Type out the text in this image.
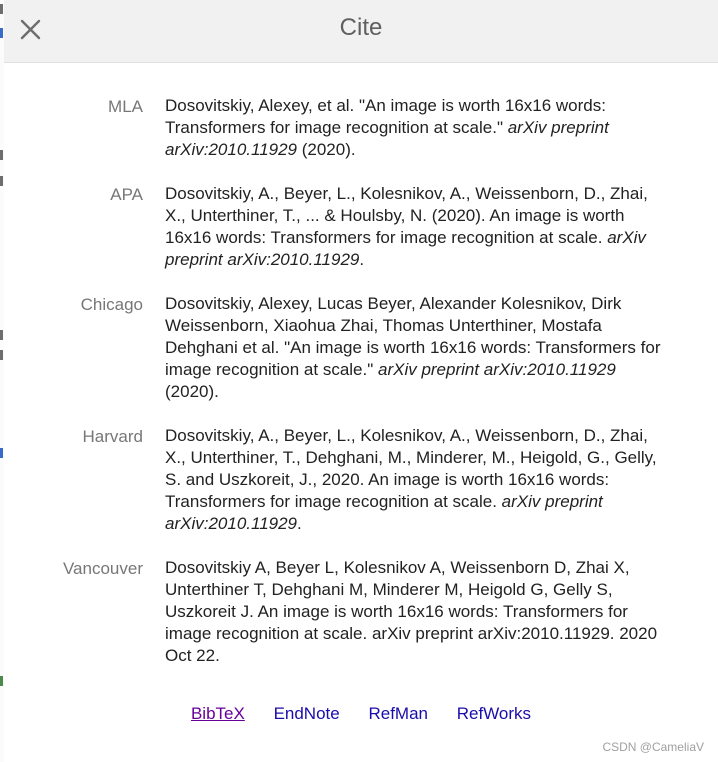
Cite
MLA Dosovitskiy, Alexey, et al. "An image is worth 16x16 words: Transformers for image recognition at scale." arXiv preprint arXiv:2010.11929 (2020).
APA Dosovitskiy, A., Beyer, L., Kolesnikov, A., Weissenborn, D., Zhai, X., Unterthiner, T., ... & Houlsby, N. (2020). An image is worth 16x16 words: Transformers for image recognition at scale. arXiv preprint arXiv:2010.11929.
Chicago Dosovitskiy, Alexey, Lucas Beyer, Alexander Kolesnikov, Dirk Weissenborn, Xiaohua Zhai, Thomas Unterthiner, Mostafa Dehghani et al. "An image is worth 16x16 words: Transformers for image recognition at scale." arXiv preprint arXiv:2010.11929 (2020).
Harvard Dosovitskiy, A., Beyer, L., Kolesnikov, A., Weissenborn, D., Zhai, X., Unterthiner, T., Dehghani, M., Minderer, M., Heigold, G., Gelly, S. and Uszkoreit, J., 2020. An image is worth 16x16 words: Transformers for image recognition at scale. arXiv preprint arXiv:2010.11929.
Vancouver Dosovitskiy A, Beyer L, Kolesnikov A, Weissenborn D, Zhai X, Unterthiner T, Dehghani M, Minderer M, Heigold G, Gelly S, Uszkoreit J. An image is worth 16x16 words: Transformers for image recognition at scale. arXiv preprint arXiv:2010.11929. 2020 Oct 22.
BibTeX EndNote RefMan RefWorks
CSDN @CameliaV
